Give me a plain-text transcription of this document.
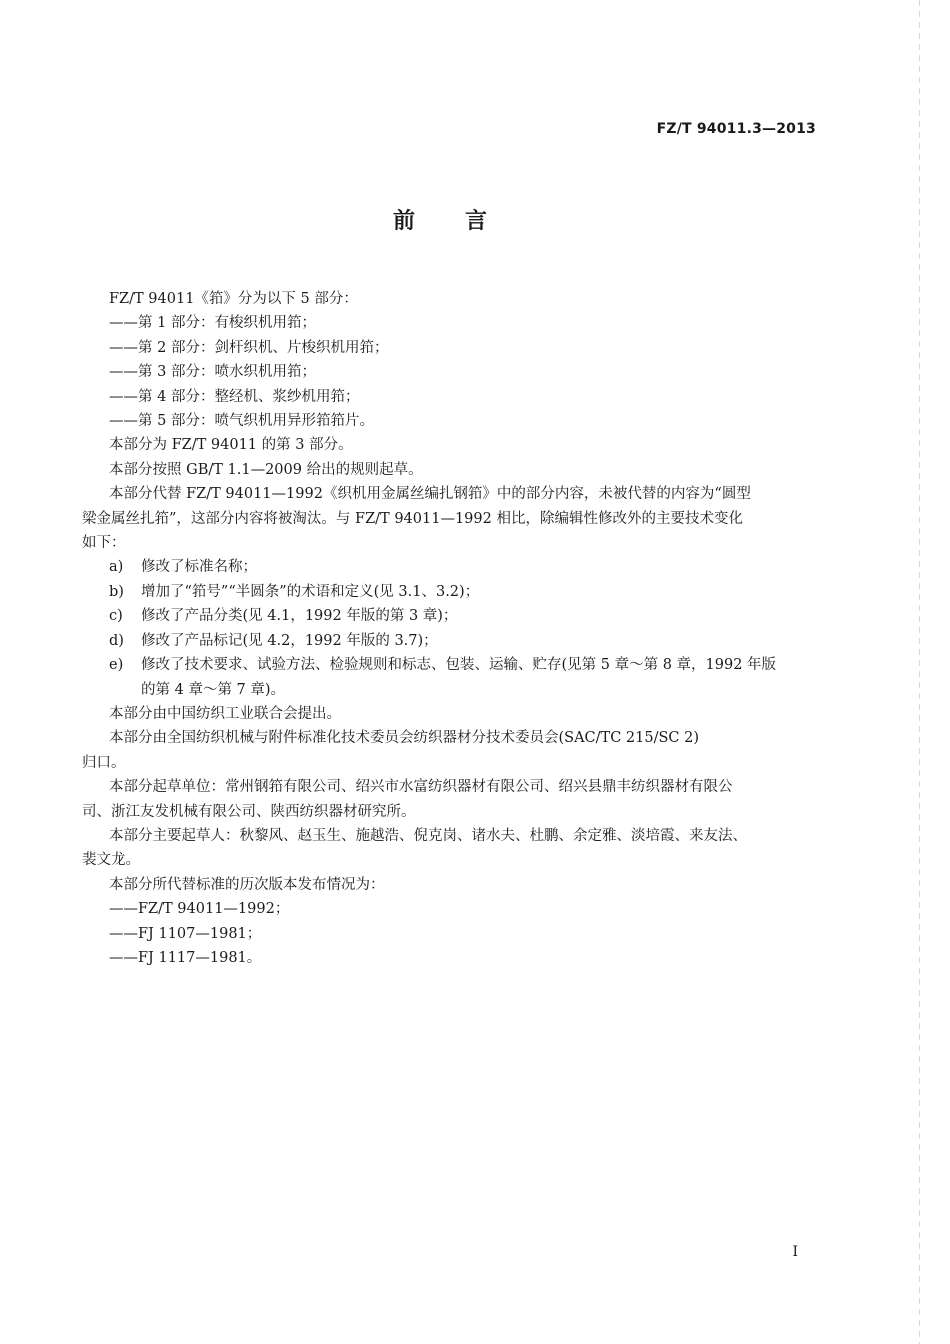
FZ/T 94011.3—2013
前言
FZ/T 94011《筘》分为以下 5 部分：
——第 1 部分：有梭织机用筘；
——第 2 部分：剑杆织机、片梭织机用筘；
——第 3 部分：喷水织机用筘；
——第 4 部分：整经机、浆纱机用筘；
——第 5 部分：喷气织机用异形筘筘片。
本部分为 FZ/T 94011 的第 3 部分。
本部分按照 GB/T 1.1—2009 给出的规则起草。
本部分代替 FZ/T 94011—1992《织机用金属丝编扎钢筘》中的部分内容，未被代替的内容为“圆型
梁金属丝扎筘”，这部分内容将被淘汰。与 FZ/T 94011—1992 相比，除编辑性修改外的主要技术变化
如下：
a)	修改了标准名称；
b)	增加了“筘号”“半圆条”的术语和定义(见 3.1、3.2)；
c)	修改了产品分类(见 4.1，1992 年版的第 3 章)；
d)	修改了产品标记(见 4.2，1992 年版的 3.7)；
e)	修改了技术要求、试验方法、检验规则和标志、包装、运输、贮存(见第 5 章～第 8 章，1992 年版
的第 4 章～第 7 章)。
本部分由中国纺织工业联合会提出。
本部分由全国纺织机械与附件标准化技术委员会纺织器材分技术委员会(SAC/TC 215/SC 2)
归口。
本部分起草单位：常州钢筘有限公司、绍兴市水富纺织器材有限公司、绍兴县鼎丰纺织器材有限公
司、浙江友发机械有限公司、陕西纺织器材研究所。
本部分主要起草人：秋黎风、赵玉生、施越浩、倪克岗、诸水夫、杜鹏、余定雅、淡培霞、来友法、
裴文龙。
本部分所代替标准的历次版本发布情况为：
——FZ/T 94011—1992；
——FJ 1107—1981；
——FJ 1117—1981。
I
